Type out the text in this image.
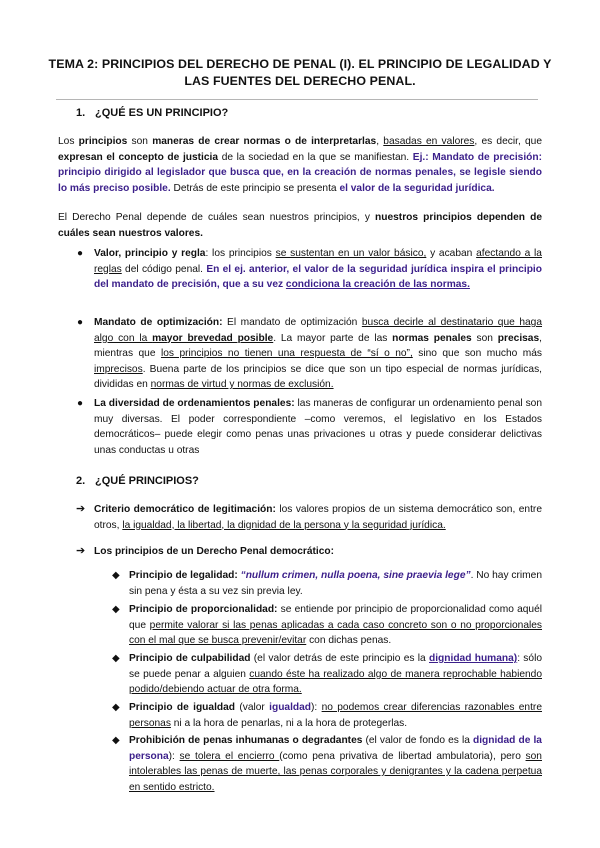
TEMA 2: PRINCIPIOS DEL DERECHO DE PENAL (I). EL PRINCIPIO DE LEGALIDAD Y
LAS FUENTES DEL DERECHO PENAL.
1. ¿QUÉ ES UN PRINCIPIO?
Los principios son maneras de crear normas o de interpretarlas, basadas en valores, es decir, que expresan el concepto de justicia de la sociedad en la que se manifiestan. Ej.: Mandato de precisión: principio dirigido al legislador que busca que, en la creación de normas penales, se legisle siendo lo más preciso posible. Detrás de este principio se presenta el valor de la seguridad jurídica.
El Derecho Penal depende de cuáles sean nuestros principios, y nuestros principios dependen de cuáles sean nuestros valores.
● Valor, principio y regla: los principios se sustentan en un valor básico, y acaban afectando a la reglas del código penal. En el ej. anterior, el valor de la seguridad jurídica inspira el principio del mandato de precisión, que a su vez condiciona la creación de las normas.
● Mandato de optimización: El mandato de optimización busca decirle al destinatario que haga algo con la mayor brevedad posible. La mayor parte de las normas penales son precisas, mientras que los principios no tienen una respuesta de “sí o no”, sino que son mucho más imprecisos. Buena parte de los principios se dice que son un tipo especial de normas jurídicas, divididas en normas de virtud y normas de exclusión.
● La diversidad de ordenamientos penales: las maneras de configurar un ordenamiento penal son muy diversas. El poder correspondiente –como veremos, el legislativo en los Estados democráticos– puede elegir como penas unas privaciones u otras y puede considerar delictivas unas conductas u otras
2. ¿QUÉ PRINCIPIOS?
➔ Criterio democrático de legitimación: los valores propios de un sistema democrático son, entre otros, la igualdad, la libertad, la dignidad de la persona y la seguridad jurídica.
➔ Los principios de un Derecho Penal democrático:
◆ Principio de legalidad: “nullum crimen, nulla poena, sine praevia lege”. No hay crimen sin pena y ésta a su vez sin previa ley.
◆ Principio de proporcionalidad: se entiende por principio de proporcionalidad como aquél que permite valorar si las penas aplicadas a cada caso concreto son o no proporcionales con el mal que se busca prevenir/evitar con dichas penas.
◆ Principio de culpabilidad (el valor detrás de este principio es la dignidad humana): sólo se puede penar a alguien cuando éste ha realizado algo de manera reprochable habiendo podido/debiendo actuar de otra forma.
◆ Principio de igualdad (valor igualdad): no podemos crear diferencias razonables entre personas ni a la hora de penarlas, ni a la hora de protegerlas.
◆ Prohibición de penas inhumanas o degradantes (el valor de fondo es la dignidad de la persona): se tolera el encierro (como pena privativa de libertad ambulatoria), pero son intolerables las penas de muerte, las penas corporales y denigrantes y la cadena perpetua en sentido estricto.
